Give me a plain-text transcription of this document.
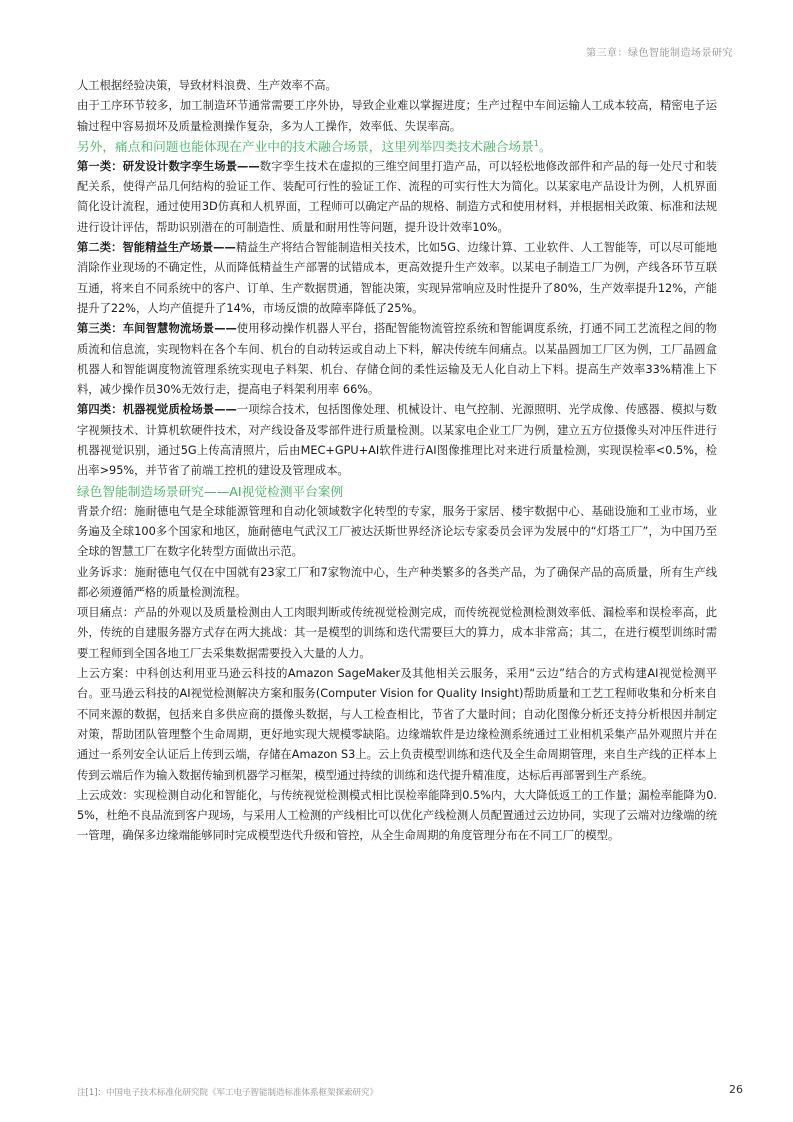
第三章：绿色智能制造场景研究

人工根据经验决策，导致材料浪费、生产效率不高。

由于工序环节较多，加工制造环节通常需要工序外协，导致企业难以掌握进度；生产过程中车间运输人工成本较高，精密电子运输过程中容易损坏及质量检测操作复杂，多为人工操作，效率低、失误率高。

另外，痛点和问题也能体现在产业中的技术融合场景，这里列举四类技术融合场景$^1$。

第一类：研发设计数字孪生场景——数字孪生技术在虚拟的三维空间里打造产品，可以轻松地修改部件和产品的每一处尺寸和装配关系，使得产品几何结构的验证工作、装配可行性的验证工作、流程的可实行性大为简化。以某家电产品设计为例，人机界面简化设计流程，通过使用3D仿真和人机界面，工程师可以确定产品的规格、制造方式和使用材料，并根据相关政策、标准和法规进行设计评估，帮助识别潜在的可制造性、质量和耐用性等问题，提升设计效率10%。

第二类：智能精益生产场景——精益生产将结合智能制造相关技术，比如5G、边缘计算、工业软件、人工智能等，可以尽可能地消除作业现场的不确定性，从而降低精益生产部署的试错成本，更高效提升生产效率。以某电子制造工厂为例，产线各环节互联互通，将来自不同系统中的客户、订单、生产数据贯通，智能决策，实现异常响应及时性提升了80%，生产效率提升12%，产能提升了22%，人均产值提升了14%，市场反馈的故障率降低了25%。

第三类：车间智慧物流场景——使用移动操作机器人平台，搭配智能物流管控系统和智能调度系统，打通不同工艺流程之间的物质流和信息流，实现物料在各个车间、机台的自动转运或自动上下料，解决传统车间痛点。以某晶圆加工厂区为例，工厂晶圆盒机器人和智能调度物流管理系统实现电子料架、机台、存储仓间的柔性运输及无人化自动上下料。提高生产效率33%精准上下料，减少操作员30%无效行走，提高电子料架利用率 66%。

第四类：机器视觉质检场景——一项综合技术，包括图像处理、机械设计、电气控制、光源照明、光学成像、传感器、模拟与数字视频技术、计算机软硬件技术，对产线设备及零部件进行质量检测。以某家电企业工厂为例，建立五方位摄像头对冲压件进行机器视觉识别，通过5G上传高清照片，后由MEC+GPU+AI软件进行AI图像推理比对来进行质量检测，实现误检率<0.5%，检出率>95%，并节省了前端工控机的建设及管理成本。

绿色智能制造场景研究——AI视觉检测平台案例

背景介绍：施耐德电气是全球能源管理和自动化领域数字化转型的专家，服务于家居、楼宇数据中心、基础设施和工业市场，业务遍及全球100多个国家和地区，施耐德电气武汉工厂被达沃斯世界经济论坛专家委员会评为发展中的“灯塔工厂”，为中国乃至全球的智慧工厂在数字化转型方面做出示范。

业务诉求：施耐德电气仅在中国就有23家工厂和7家物流中心，生产种类繁多的各类产品，为了确保产品的高质量，所有生产线都必须遵循严格的质量检测流程。

项目痛点：产品的外观以及质量检测由人工肉眼判断或传统视觉检测完成，而传统视觉检测检测效率低、漏检率和误检率高，此外，传统的自建服务器方式存在两大挑战：其一是模型的训练和迭代需要巨大的算力，成本非常高；其二，在进行模型训练时需要工程师到全国各地工厂去采集数据需要投入大量的人力。

上云方案：中科创达利用亚马逊云科技的Amazon SageMaker及其他相关云服务，采用“云边”结合的方式构建AI视觉检测平台。亚马逊云科技的AI视觉检测解决方案和服务(Computer Vision for Quality Insight)帮助质量和工艺工程师收集和分析来自不同来源的数据，包括来自多供应商的摄像头数据，与人工检查相比，节省了大量时间；自动化图像分析还支持分析根因并制定对策，帮助团队管理整个生命周期，更好地实现大规模零缺陷。边缘端软件是边缘检测系统通过工业相机采集产品外观照片并在通过一系列安全认证后上传到云端，存储在Amazon S3上。云上负责模型训练和迭代及全生命周期管理，来自生产线的正样本上传到云端后作为输入数据传输到机器学习框架，模型通过持续的训练和迭代提升精准度，达标后再部署到生产系统。

上云成效：实现检测自动化和智能化，与传统视觉检测模式相比误检率能降到0.5%内，大大降低返工的工作量；漏检率能降为0.5%，杜绝不良品流到客户现场，与采用人工检测的产线相比可以优化产线检测人员配置通过云边协同，实现了云端对边缘端的统一管理，确保多边缘端能够同时完成模型迭代升级和管控，从全生命周期的角度管理分布在不同工厂的模型。

注[1]：中国电子技术标准化研究院《军工电子智能制造标准体系框架探索研究》	26
